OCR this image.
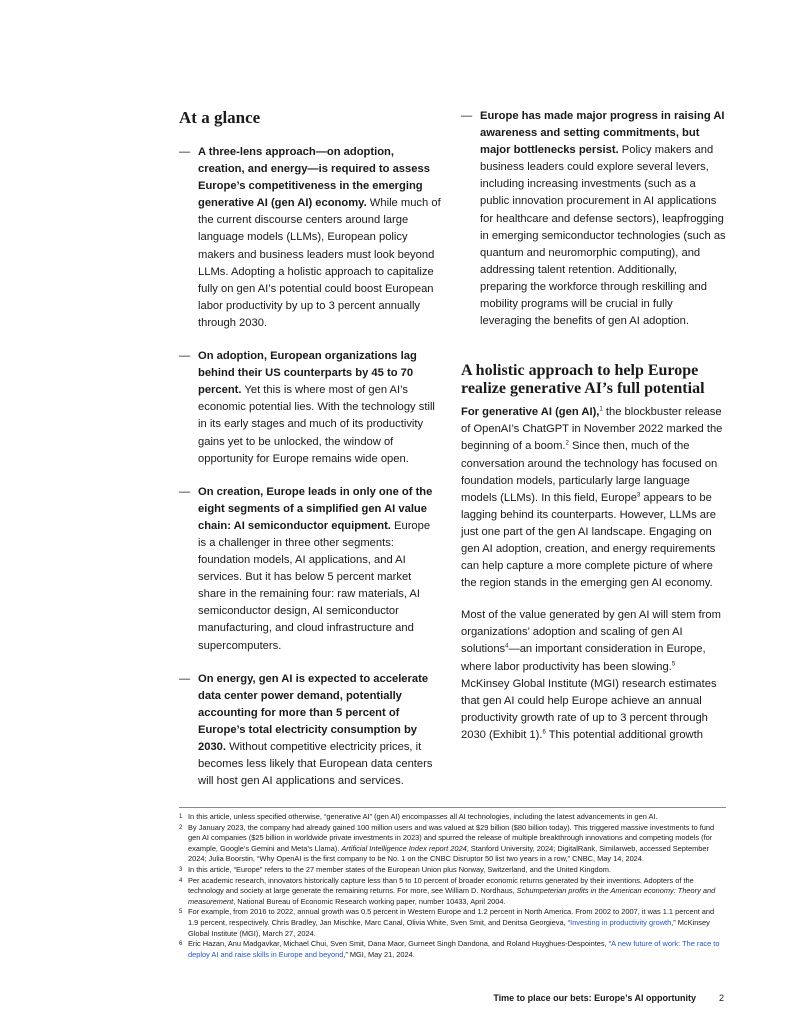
At a glance
— A three-lens approach—on adoption, creation, and energy—is required to assess Europe’s competitiveness in the emerging generative AI (gen AI) economy. While much of the current discourse centers around large language models (LLMs), European policy makers and business leaders must look beyond LLMs. Adopting a holistic approach to capitalize fully on gen AI’s potential could boost European labor productivity by up to 3 percent annually through 2030.
— On adoption, European organizations lag behind their US counterparts by 45 to 70 percent. Yet this is where most of gen AI’s economic potential lies. With the technology still in its early stages and much of its productivity gains yet to be unlocked, the window of opportunity for Europe remains wide open.
— On creation, Europe leads in only one of the eight segments of a simplified gen AI value chain: AI semiconductor equipment. Europe is a challenger in three other segments: foundation models, AI applications, and AI services. But it has below 5 percent market share in the remaining four: raw materials, AI semiconductor design, AI semiconductor manufacturing, and cloud infrastructure and supercomputers.
— On energy, gen AI is expected to accelerate data center power demand, potentially accounting for more than 5 percent of Europe’s total electricity consumption by 2030. Without competitive electricity prices, it becomes less likely that European data centers will host gen AI applications and services.
— Europe has made major progress in raising AI awareness and setting commitments, but major bottlenecks persist. Policy makers and business leaders could explore several levers, including increasing investments (such as a public innovation procurement in AI applications for healthcare and defense sectors), leapfrogging in emerging semiconductor technologies (such as quantum and neuromorphic computing), and addressing talent retention. Additionally, preparing the workforce through reskilling and mobility programs will be crucial in fully leveraging the benefits of gen AI adoption.
A holistic approach to help Europe realize generative AI’s full potential

For generative AI (gen AI),$^1$ the blockbuster release of OpenAI’s ChatGPT in November 2022 marked the beginning of a boom.$^2$ Since then, much of the conversation around the technology has focused on foundation models, particularly large language models (LLMs). In this field, Europe$^3$ appears to be lagging behind its counterparts. However, LLMs are just one part of the gen AI landscape. Engaging on gen AI adoption, creation, and energy requirements can help capture a more complete picture of where the region stands in the emerging gen AI economy.

Most of the value generated by gen AI will stem from organizations’ adoption and scaling of gen AI solutions$^4$—an important consideration in Europe, where labor productivity has been slowing.$^5$ McKinsey Global Institute (MGI) research estimates that gen AI could help Europe achieve an annual productivity growth rate of up to 3 percent through 2030 (Exhibit 1).$^6$ This potential additional growth

1 In this article, unless specified otherwise, “generative AI” (gen AI) encompasses all AI technologies, including the latest advancements in gen AI.
2 By January 2023, the company had already gained 100 million users and was valued at $29 billion ($80 billion today). This triggered massive investments to fund gen AI companies ($25 billion in worldwide private investments in 2023) and spurred the release of multiple breakthrough innovations and competing models (for example, Google’s Gemini and Meta’s Llama). Artificial Intelligence Index report 2024, Stanford University, 2024; DigitalRank, Similarweb, accessed September 2024; Julia Boorstin, “Why OpenAI is the first company to be No. 1 on the CNBC Disruptor 50 list two years in a row,” CNBC, May 14, 2024.
3 In this article, “Europe” refers to the 27 member states of the European Union plus Norway, Switzerland, and the United Kingdom.
4 Per academic research, innovators historically capture less than 5 to 10 percent of broader economic returns generated by their inventions. Adopters of the technology and society at large generate the remaining returns. For more, see William D. Nordhaus, Schumpeterian profits in the American economy: Theory and measurement, National Bureau of Economic Research working paper, number 10433, April 2004.
5 For example, from 2016 to 2022, annual growth was 0.5 percent in Western Europe and 1.2 percent in North America. From 2002 to 2007, it was 1.1 percent and 1.9 percent, respectively. Chris Bradley, Jan Mischke, Marc Canal, Olivia White, Sven Smit, and Denitsa Georgieva, “Investing in productivity growth,” McKinsey Global Institute (MGI), March 27, 2024.
6 Eric Hazan, Anu Madgavkar, Michael Chui, Sven Smit, Dana Maor, Gurneet Singh Dandona, and Roland Huyghues-Despointes, “A new future of work: The race to deploy AI and raise skills in Europe and beyond,” MGI, May 21, 2024.
Time to place our bets: Europe’s AI opportunity	2
